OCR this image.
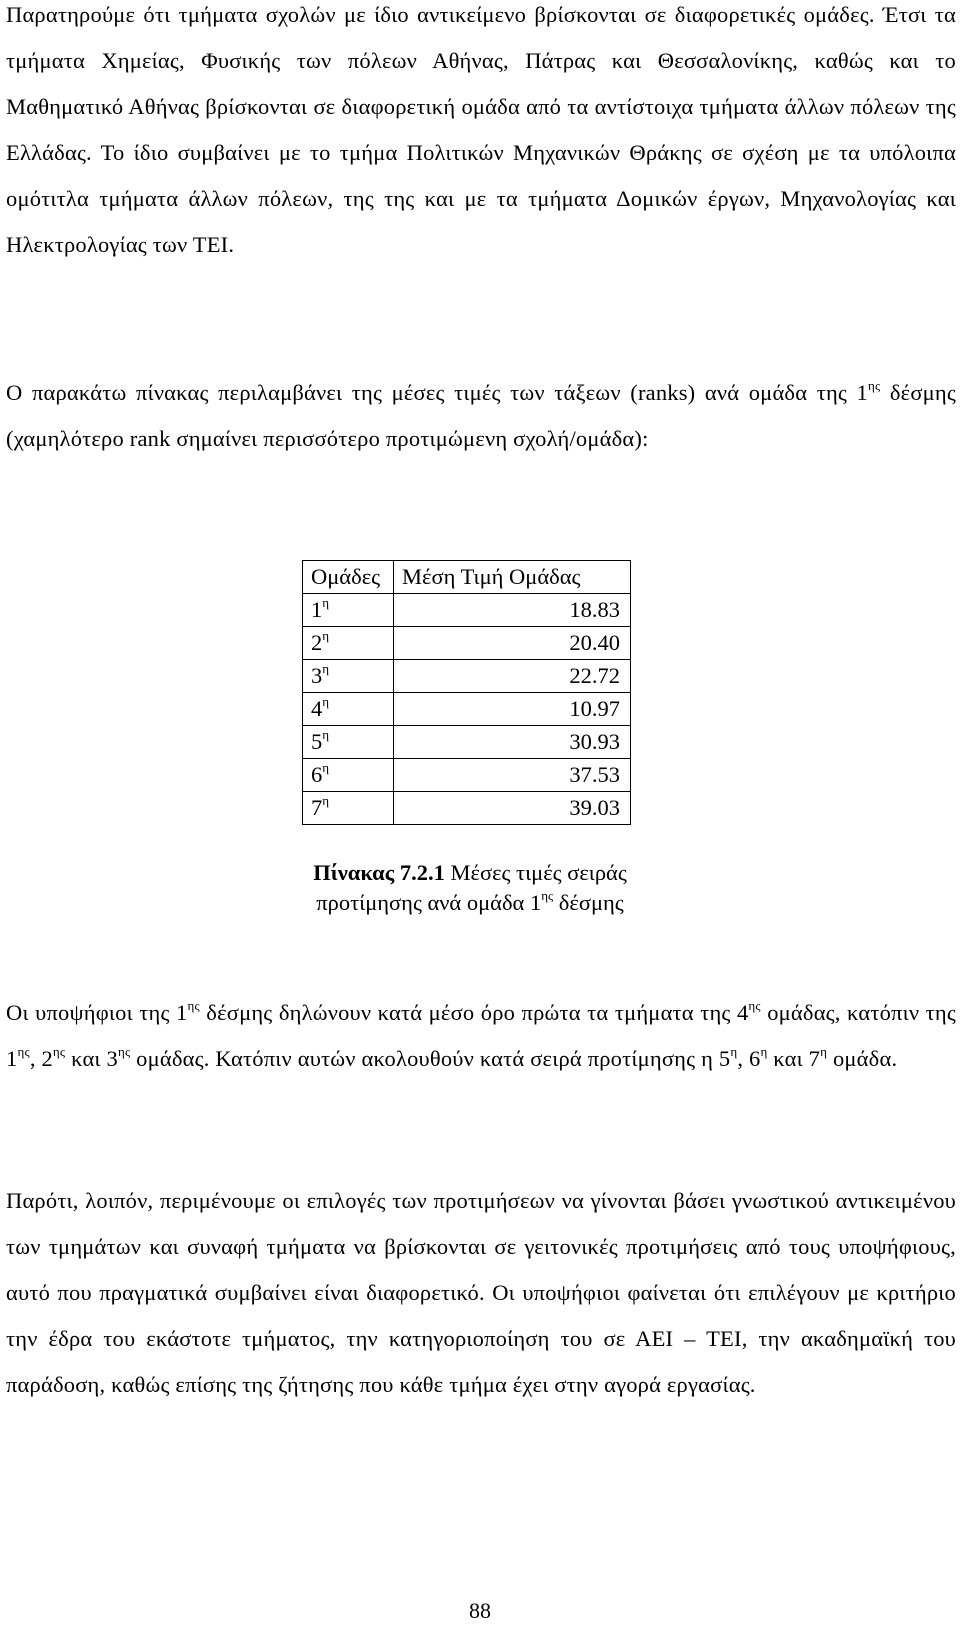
Παρατηρούμε ότι τμήματα σχολών με ίδιο αντικείμενο βρίσκονται σε διαφορετικές ομάδες. Έτσι τα τμήματα Χημείας, Φυσικής των πόλεων Αθήνας, Πάτρας και Θεσσαλονίκης, καθώς και το Μαθηματικό Αθήνας βρίσκονται σε διαφορετική ομάδα από τα αντίστοιχα τμήματα άλλων πόλεων της Ελλάδας. Το ίδιο συμβαίνει με το τμήμα Πολιτικών Μηχανικών Θράκης σε σχέση με τα υπόλοιπα ομότιτλα τμήματα άλλων πόλεων, της της και με τα τμήματα Δομικών έργων, Μηχανολογίας και Ηλεκτρολογίας των ΤΕΙ.

Ο παρακάτω πίνακας περιλαμβάνει της μέσες τιμές των τάξεων (ranks) ανά ομάδα της $1^{\eta\varsigma}$ δέσμης (χαμηλότερο rank σημαίνει περισσότερο προτιμώμενη σχολή/ομάδα):

Ομάδες	Μέση Τιμή Ομάδας
$1^\eta$	18.83
$2^\eta$	20.40
$3^\eta$	22.72
$4^\eta$	10.97
$5^\eta$	30.93
$6^\eta$	37.53
$7^\eta$	39.03
Πίνακας 7.2.1 Μέσες τιμές σειράς προτίμησης ανά ομάδα $1^{\eta\varsigma}$ δέσμης

Οι υποψήφιοι της $1^{\eta\varsigma}$ δέσμης δηλώνουν κατά μέσο όρο πρώτα τα τμήματα της $4^{\eta\varsigma}$ ομάδας, κατόπιν της $1^{\eta\varsigma}$, $2^{\eta\varsigma}$ και $3^{\eta\varsigma}$ ομάδας. Κατόπιν αυτών ακολουθούν κατά σειρά προτίμησης η $5^\eta$, $6^\eta$ και $7^\eta$ ομάδα.

Παρότι, λοιπόν, περιμένουμε οι επιλογές των προτιμήσεων να γίνονται βάσει γνωστικού αντικειμένου των τμημάτων και συναφή τμήματα να βρίσκονται σε γειτονικές προτιμήσεις από τους υποψήφιους, αυτό που πραγματικά συμβαίνει είναι διαφορετικό. Οι υποψήφιοι φαίνεται ότι επιλέγουν με κριτήριο την έδρα του εκάστοτε τμήματος, την κατηγοριοποίηση του σε ΑΕΙ – ΤΕΙ, την ακαδημαϊκή του παράδοση, καθώς επίσης της ζήτησης που κάθε τμήμα έχει στην αγορά εργασίας.

88
